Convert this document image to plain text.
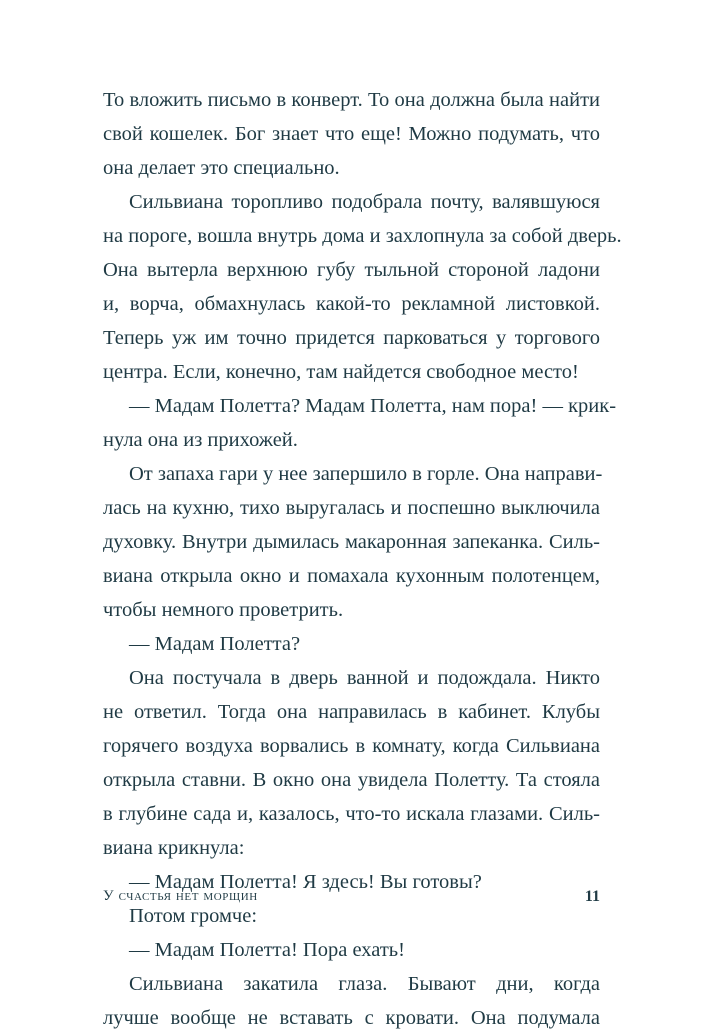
То вложить письмо в конверт. То она должна была найти
свой кошелек. Бог знает что еще! Можно подумать, что
она делает это специально.
Сильвиана торопливо подобрала почту, валявшуюся
на пороге, вошла внутрь дома и захлопнула за собой дверь.
Она вытерла верхнюю губу тыльной стороной ладони
и, ворча, обмахнулась какой-то рекламной листовкой.
Теперь уж им точно придется парковаться у торгового
центра. Если, конечно, там найдется свободное место!
— Мадам Полетта? Мадам Полетта, нам пора! — крик-
нула она из прихожей.
От запаха гари у нее запершило в горле. Она направи-
лась на кухню, тихо выругалась и поспешно выключила
духовку. Внутри дымилась макаронная запеканка. Силь-
виана открыла окно и помахала кухонным полотенцем,
чтобы немного проветрить.
— Мадам Полетта?
Она постучала в дверь ванной и подождала. Никто
не ответил. Тогда она направилась в кабинет. Клубы
горячего воздуха ворвались в комнату, когда Сильвиана
открыла ставни. В окно она увидела Полетту. Та стояла
в глубине сада и, казалось, что-то искала глазами. Силь-
виана крикнула:
— Мадам Полетта! Я здесь! Вы готовы?
Потом громче:
— Мадам Полетта! Пора ехать!
Сильвиана закатила глаза. Бывают дни, когда
лучше вообще не вставать с кровати. Она подумала
У счастья нет морщин	11
